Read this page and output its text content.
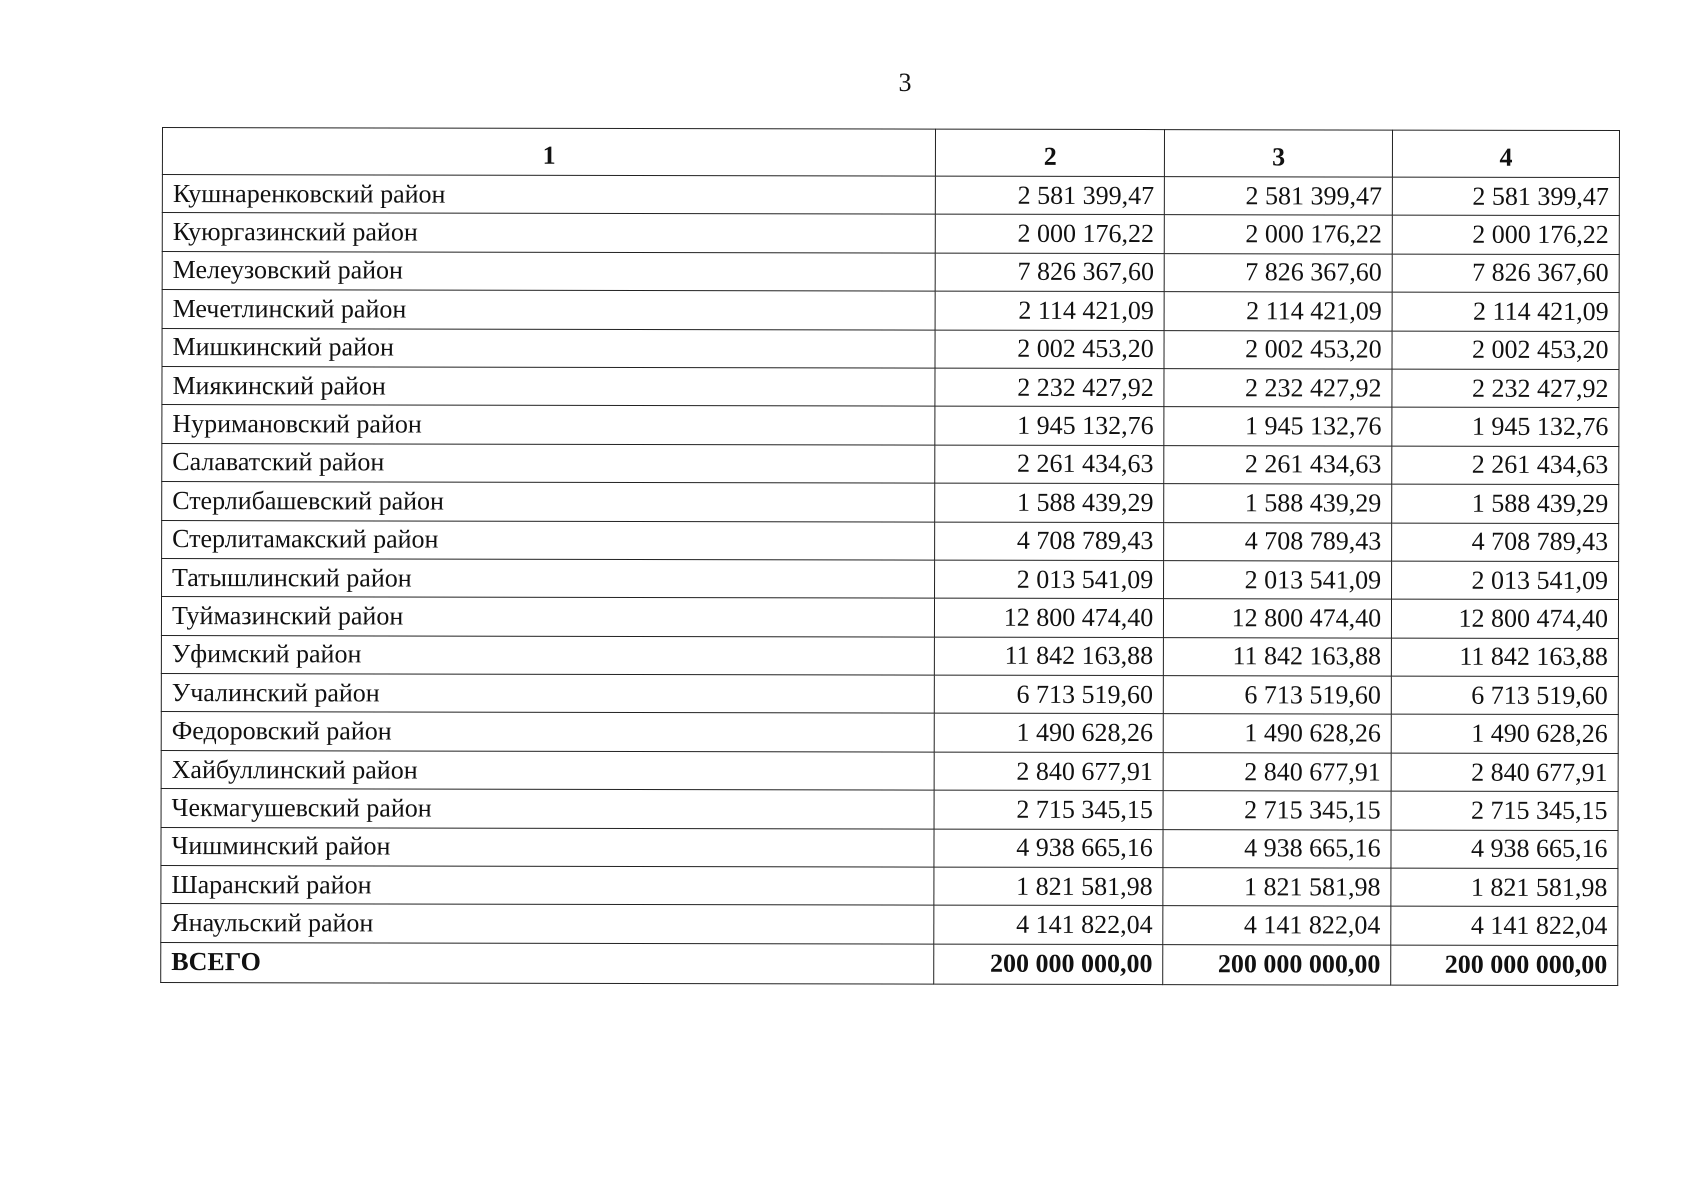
3
1	2	3	4
Кушнаренковский район	2 581 399,47	2 581 399,47	2 581 399,47
Куюргазинский район	2 000 176,22	2 000 176,22	2 000 176,22
Мелеузовский район	7 826 367,60	7 826 367,60	7 826 367,60
Мечетлинский район	2 114 421,09	2 114 421,09	2 114 421,09
Мишкинский район	2 002 453,20	2 002 453,20	2 002 453,20
Миякинский район	2 232 427,92	2 232 427,92	2 232 427,92
Нуримановский район	1 945 132,76	1 945 132,76	1 945 132,76
Салаватский район	2 261 434,63	2 261 434,63	2 261 434,63
Стерлибашевский район	1 588 439,29	1 588 439,29	1 588 439,29
Стерлитамакский район	4 708 789,43	4 708 789,43	4 708 789,43
Татышлинский район	2 013 541,09	2 013 541,09	2 013 541,09
Туймазинский район	12 800 474,40	12 800 474,40	12 800 474,40
Уфимский район	11 842 163,88	11 842 163,88	11 842 163,88
Учалинский район	6 713 519,60	6 713 519,60	6 713 519,60
Федоровский район	1 490 628,26	1 490 628,26	1 490 628,26
Хайбуллинский район	2 840 677,91	2 840 677,91	2 840 677,91
Чекмагушевский район	2 715 345,15	2 715 345,15	2 715 345,15
Чишминский район	4 938 665,16	4 938 665,16	4 938 665,16
Шаранский район	1 821 581,98	1 821 581,98	1 821 581,98
Янаульский район	4 141 822,04	4 141 822,04	4 141 822,04
ВСЕГО	200 000 000,00	200 000 000,00	200 000 000,00
